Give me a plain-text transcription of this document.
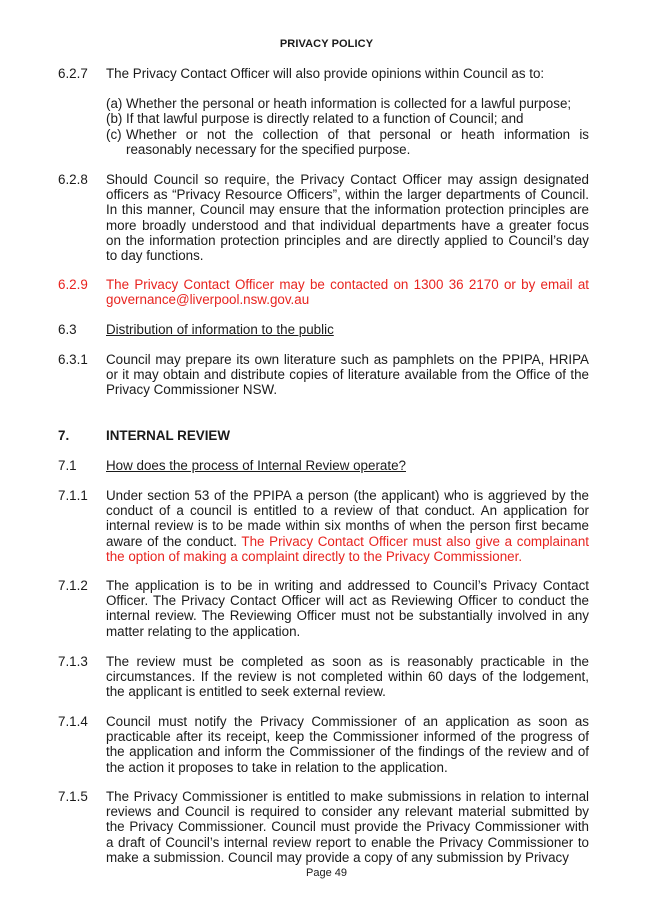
PRIVACY POLICY
6.2.7 The Privacy Contact Officer will also provide opinions within Council as to:
(a) Whether the personal or heath information is collected for a lawful purpose;
(b) If that lawful purpose is directly related to a function of Council; and
(c) Whether or not the collection of that personal or heath information is reasonably necessary for the specified purpose.
6.2.8 Should Council so require, the Privacy Contact Officer may assign designated officers as “Privacy Resource Officers”, within the larger departments of Council. In this manner, Council may ensure that the information protection principles are more broadly understood and that individual departments have a greater focus on the information protection principles and are directly applied to Council’s day to day functions.
6.2.9 The Privacy Contact Officer may be contacted on 1300 36 2170 or by email at governance@liverpool.nsw.gov.au
6.3 Distribution of information to the public
6.3.1 Council may prepare its own literature such as pamphlets on the PPIPA, HRIPA or it may obtain and distribute copies of literature available from the Office of the Privacy Commissioner NSW.
7.	INTERNAL REVIEW
7.1 How does the process of Internal Review operate?
7.1.1 Under section 53 of the PPIPA a person (the applicant) who is aggrieved by the conduct of a council is entitled to a review of that conduct. An application for internal review is to be made within six months of when the person first became aware of the conduct. The Privacy Contact Officer must also give a complainant the option of making a complaint directly to the Privacy Commissioner.
7.1.2 The application is to be in writing and addressed to Council’s Privacy Contact Officer. The Privacy Contact Officer will act as Reviewing Officer to conduct the internal review. The Reviewing Officer must not be substantially involved in any matter relating to the application.
7.1.3 The review must be completed as soon as is reasonably practicable in the circumstances. If the review is not completed within 60 days of the lodgement, the applicant is entitled to seek external review.
7.1.4 Council must notify the Privacy Commissioner of an application as soon as practicable after its receipt, keep the Commissioner informed of the progress of the application and inform the Commissioner of the findings of the review and of the action it proposes to take in relation to the application.
7.1.5 The Privacy Commissioner is entitled to make submissions in relation to internal reviews and Council is required to consider any relevant material submitted by the Privacy Commissioner. Council must provide the Privacy Commissioner with a draft of Council’s internal review report to enable the Privacy Commissioner to make a submission. Council may provide a copy of any submission by Privacy
Page 49
